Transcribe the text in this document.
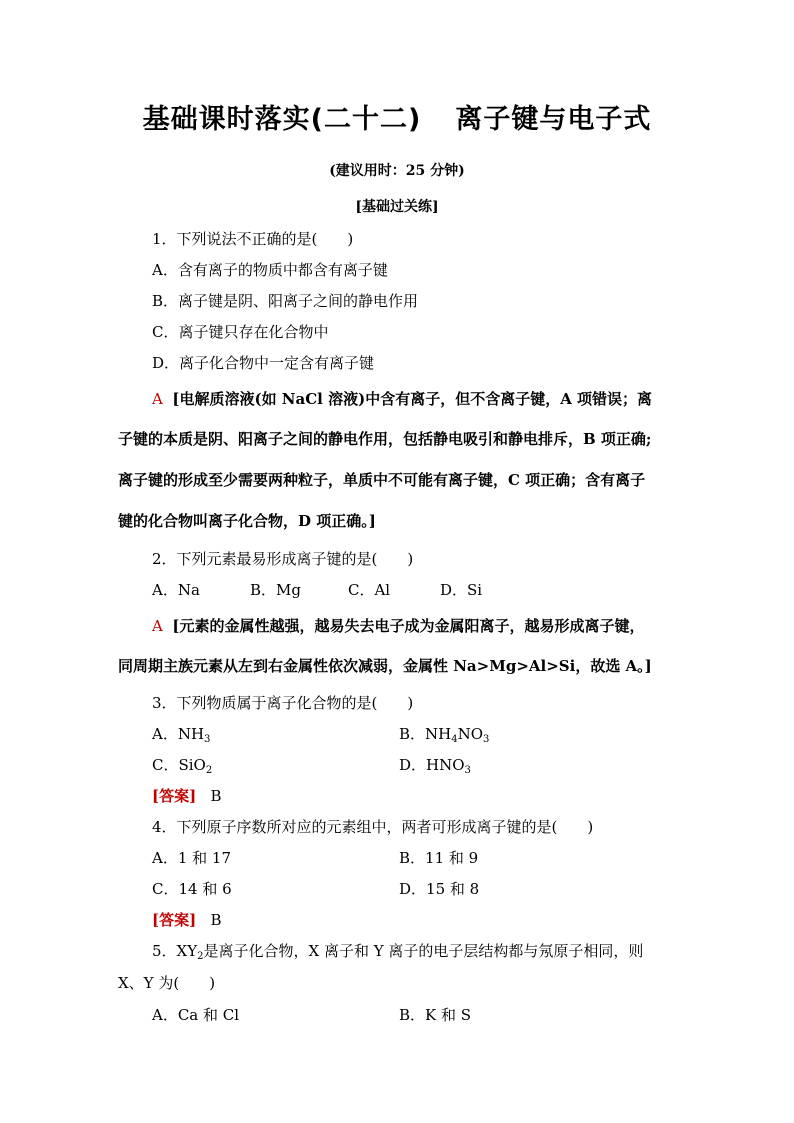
基础课时落实(二十二) 离子键与电子式
(建议用时：25 分钟)
[基础过关练]
1．下列说法不正确的是(　　)
A．含有离子的物质中都含有离子键
B．离子键是阴、阳离子之间的静电作用
C．离子键只存在化合物中
D．离子化合物中一定含有离子键
A [电解质溶液(如 NaCl 溶液)中含有离子，但不含离子键，A 项错误；离
子键的本质是阴、阳离子之间的静电作用，包括静电吸引和静电排斥，B 项正确;
离子键的形成至少需要两种粒子，单质中不可能有离子键，C 项正确；含有离子
键的化合物叫离子化合物，D 项正确。]
2．下列元素最易形成离子键的是(　　)
A．Na	B．Mg	C．Al	D．Si
A [元素的金属性越强，越易失去电子成为金属阳离子，越易形成离子键，
同周期主族元素从左到右金属性依次减弱，金属性 Na>Mg>Al>Si，故选 A。]
3．下列物质属于离子化合物的是(　　)
A．$NH_3$	B．$NH_4NO_3$
C．SiO$_2$	D．$HNO_3$
[答案] B
4．下列原子序数所对应的元素组中，两者可形成离子键的是(　　)
A．1 和 17	B．11 和 9
C．14 和 6	D．15 和 8
[答案] B
5．$XY_2$是离子化合物，X 离子和 Y 离子的电子层结构都与氖原子相同，则
X、Y 为(　　)
A．Ca 和 Cl	B．K 和 S
